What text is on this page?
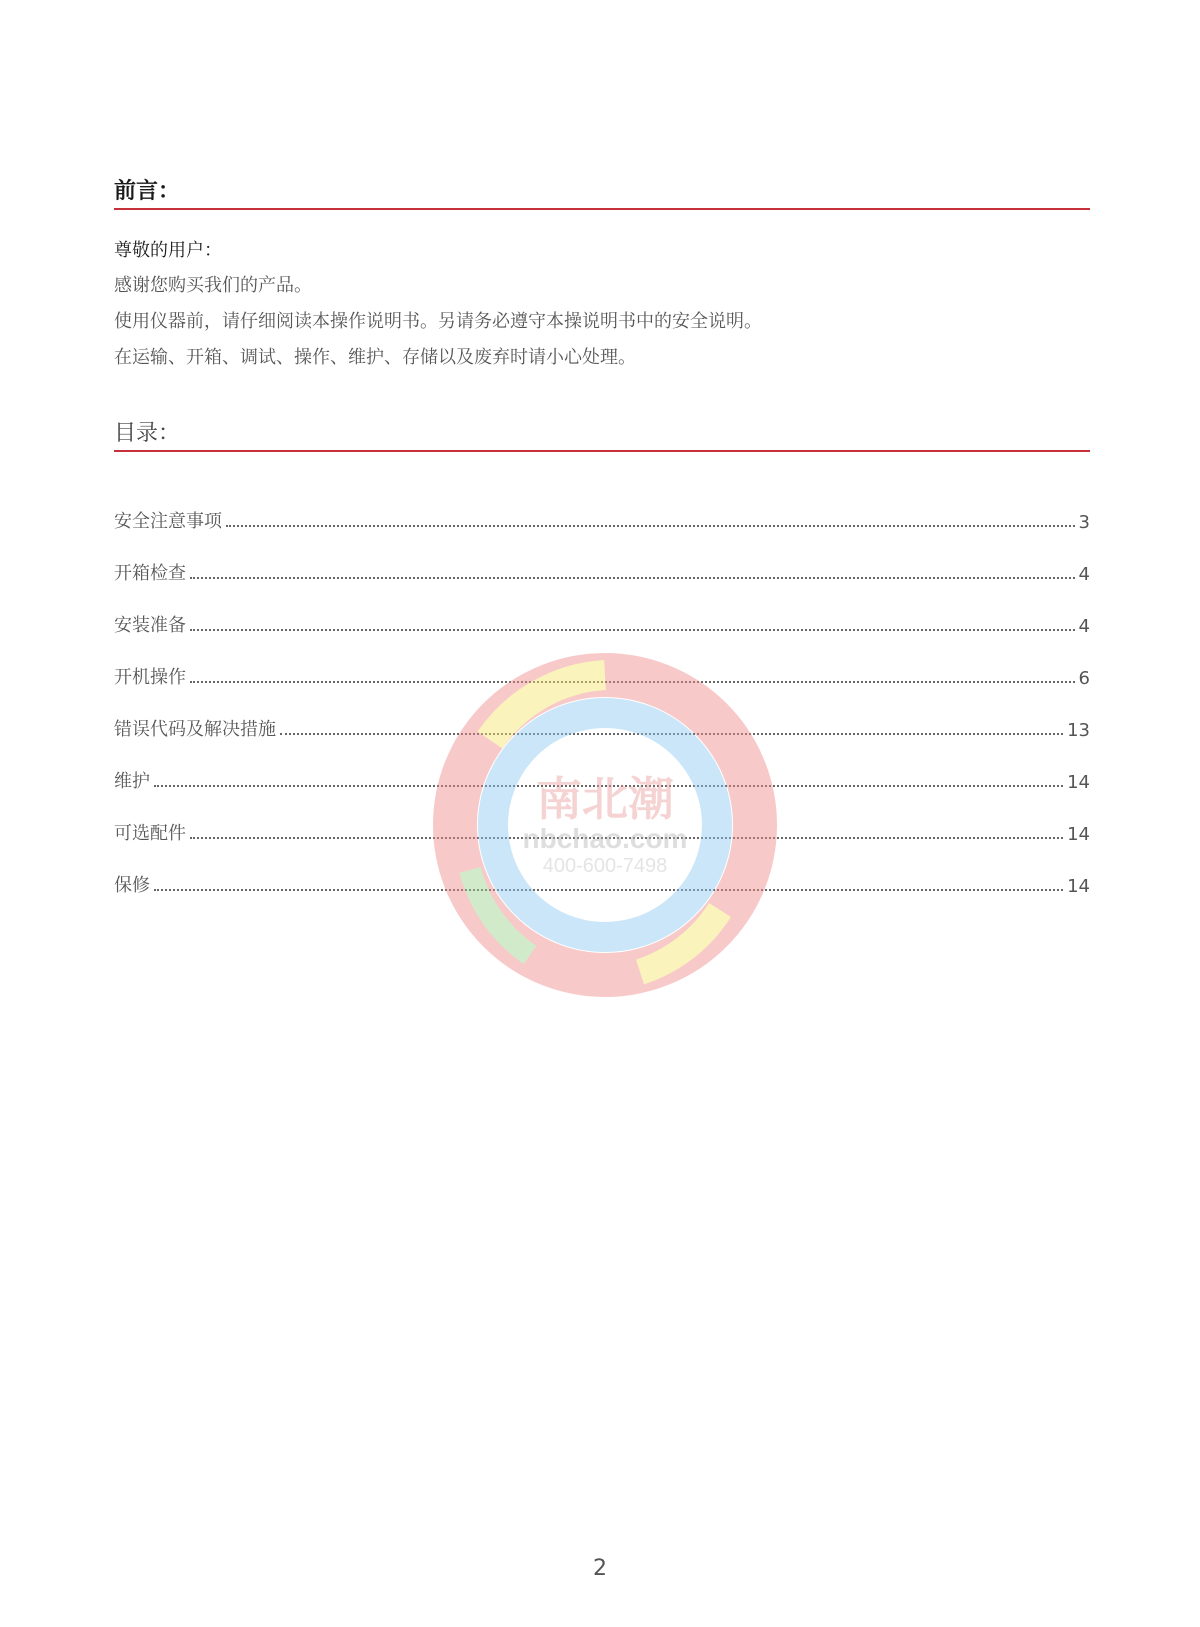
前言：
尊敬的用户：
感谢您购买我们的产品。
使用仪器前，请仔细阅读本操作说明书。另请务必遵守本操说明书中的安全说明。
在运输、开箱、调试、操作、维护、存储以及废弃时请小心处理。
目录：
安全注意事项	3
开箱检查	4
安装准备	4
开机操作	6
错误代码及解决措施	13
维护	14
可选配件	14
保修	14
南北潮
nbchao.com
400-600-7498
2
